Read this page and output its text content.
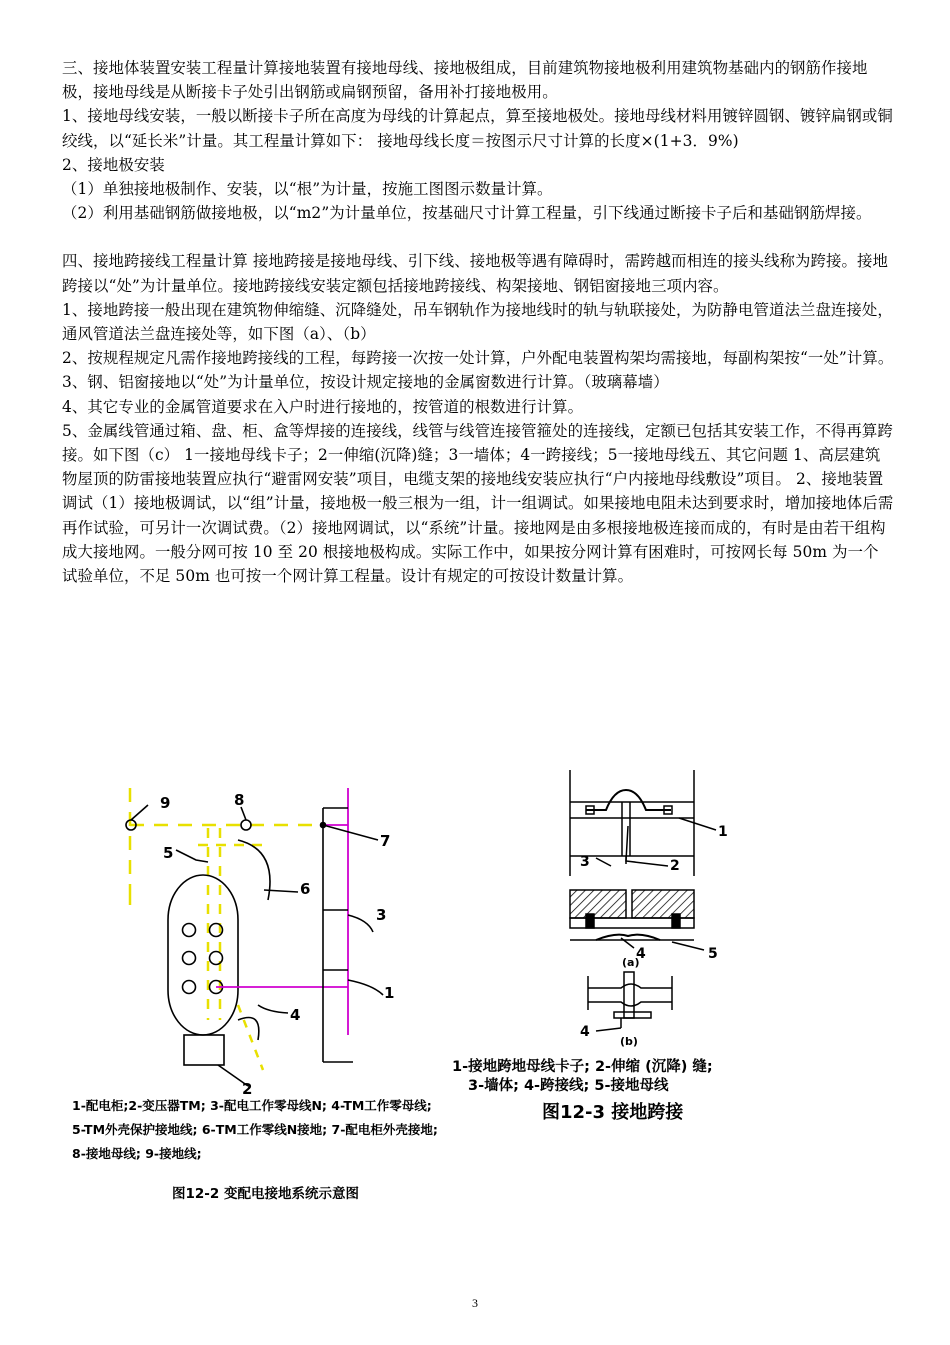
三、接地体装置安装工程量计算接地装置有接地母线、接地极组成，目前建筑物接地极利用建筑物基础内的钢筋作接地极，接地母线是从断接卡子处引出钢筋或扁钢预留，备用补打接地极用。

1、接地母线安装，一般以断接卡子所在高度为母线的计算起点，算至接地极处。接地母线材料用镀锌圆钢、镀锌扁钢或铜绞线，以“延长米”计量。其工程量计算如下： 接地母线长度＝按图示尺寸计算的长度×(1+3．9%)

2、接地极安装

（1）单独接地极制作、安装，以“根”为计量，按施工图图示数量计算。

（2）利用基础钢筋做接地极，以“m2”为计量单位，按基础尺寸计算工程量，引下线通过断接卡子后和基础钢筋焊接。

四、接地跨接线工程量计算 接地跨接是接地母线、引下线、接地极等遇有障碍时，需跨越而相连的接头线称为跨接。接地跨接以“处”为计量单位。接地跨接线安装定额包括接地跨接线、构架接地、钢铝窗接地三项内容。

1、接地跨接一般出现在建筑物伸缩缝、沉降缝处，吊车钢轨作为接地线时的轨与轨联接处，为防静电管道法兰盘连接处，通风管道法兰盘连接处等，如下图（a）、（b）

2、按规程规定凡需作接地跨接线的工程，每跨接一次按一处计算，户外配电装置构架均需接地，每副构架按“一处”计算。

3、钢、铝窗接地以“处”为计量单位，按设计规定接地的金属窗数进行计算。（玻璃幕墙）

4、其它专业的金属管道要求在入户时进行接地的，按管道的根数进行计算。

5、金属线管通过箱、盘、柜、盒等焊接的连接线，线管与线管连接管箍处的连接线，定额已包括其安装工作，不得再算跨接。如下图（c） 1一接地母线卡子；2一伸缩(沉降)缝；3一墙体；4一跨接线；5一接地母线五、其它问题 1、高层建筑物屋顶的防雷接地装置应执行“避雷网安装”项目，电缆支架的接地线安装应执行“户内接地母线敷设”项目。 2、接地装置调试（1）接地极调试，以“组”计量，接地极一般三根为一组，计一组调试。如果接地电阻未达到要求时，增加接地体后需再作试验，可另计一次调试费。（2）接地网调试，以“系统”计量。接地网是由多根接地极连接而成的，有时是由若干组构成大接地网。一般分网可按 10 至 20 根接地极构成。实际工作中，如果按分网计算有困难时，可按网长每 50m 为一个试验单位，不足 50m 也可按一个网计算工程量。设计有规定的可按设计数量计算。

9	8
5
7
6
3
1
4
2
1-配电柜;2-变压器TM; 3-配电工作零母线N; 4-TM工作零母线;
5-TM外壳保护接地线; 6-TM工作零线N接地; 7-配电柜外壳接地;
8-接地母线; 9-接地线;
图12-2 变配电接地系统示意图
1
3	2
4	5
4
(a)
(b)
1-接地跨地母线卡子; 2-伸缩 (沉降) 缝;
3-墙体; 4-跨接线; 5-接地母线
图12-3 接地跨接
3
